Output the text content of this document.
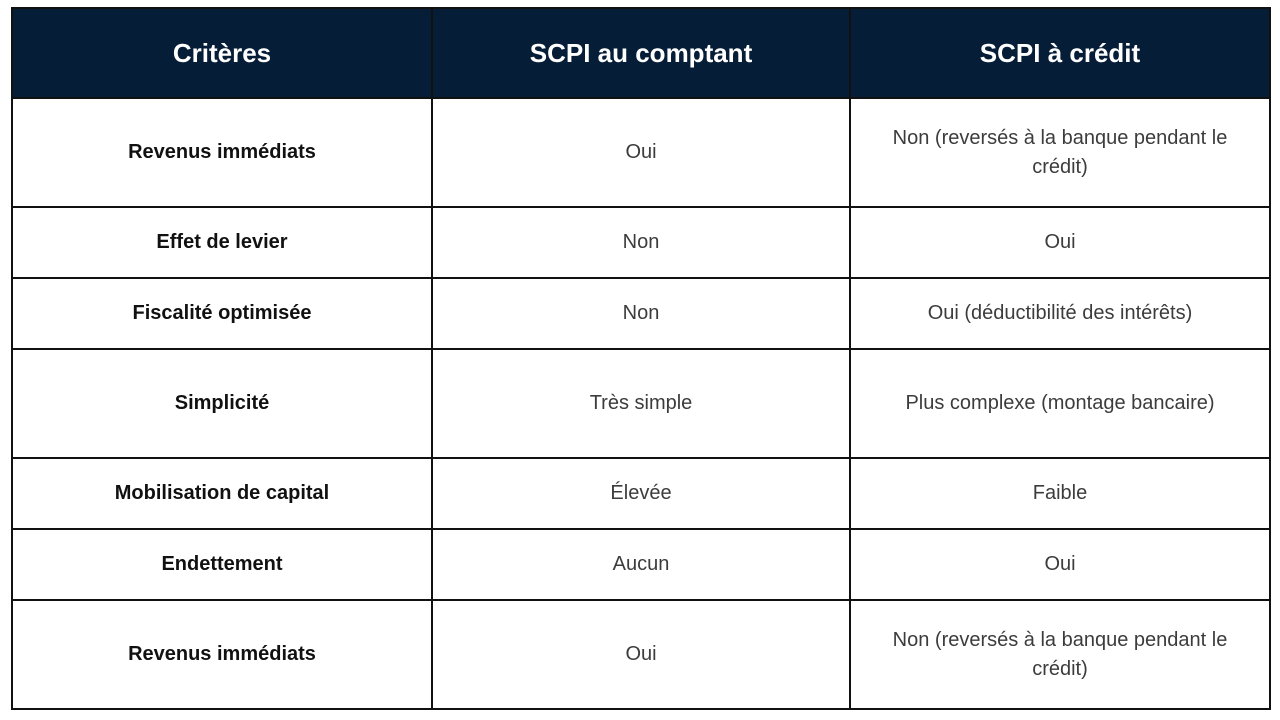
Critères	SCPI au comptant	SCPI à crédit
Revenus immédiats	Oui	Non (reversés à la banque pendant le crédit)
Effet de levier	Non	Oui
Fiscalité optimisée	Non	Oui (déductibilité des intérêts)
Simplicité	Très simple	Plus complexe (montage bancaire)
Mobilisation de capital	Élevée	Faible
Endettement	Aucun	Oui
Revenus immédiats	Oui	Non (reversés à la banque pendant le crédit)
